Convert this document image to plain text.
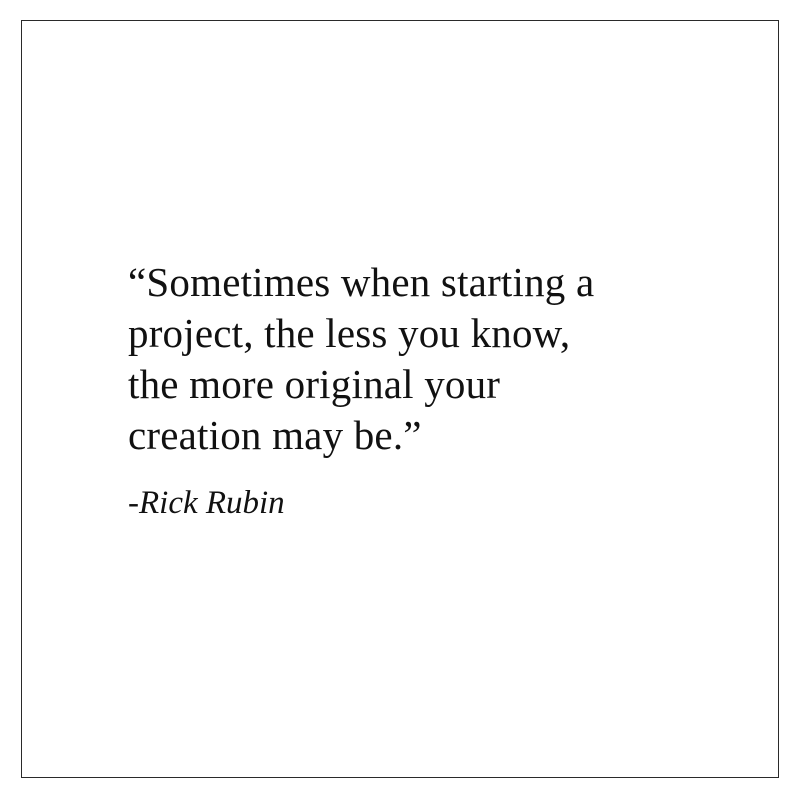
“Sometimes when starting a
project, the less you know,
the more original your
creation may be.”

-Rick Rubin
